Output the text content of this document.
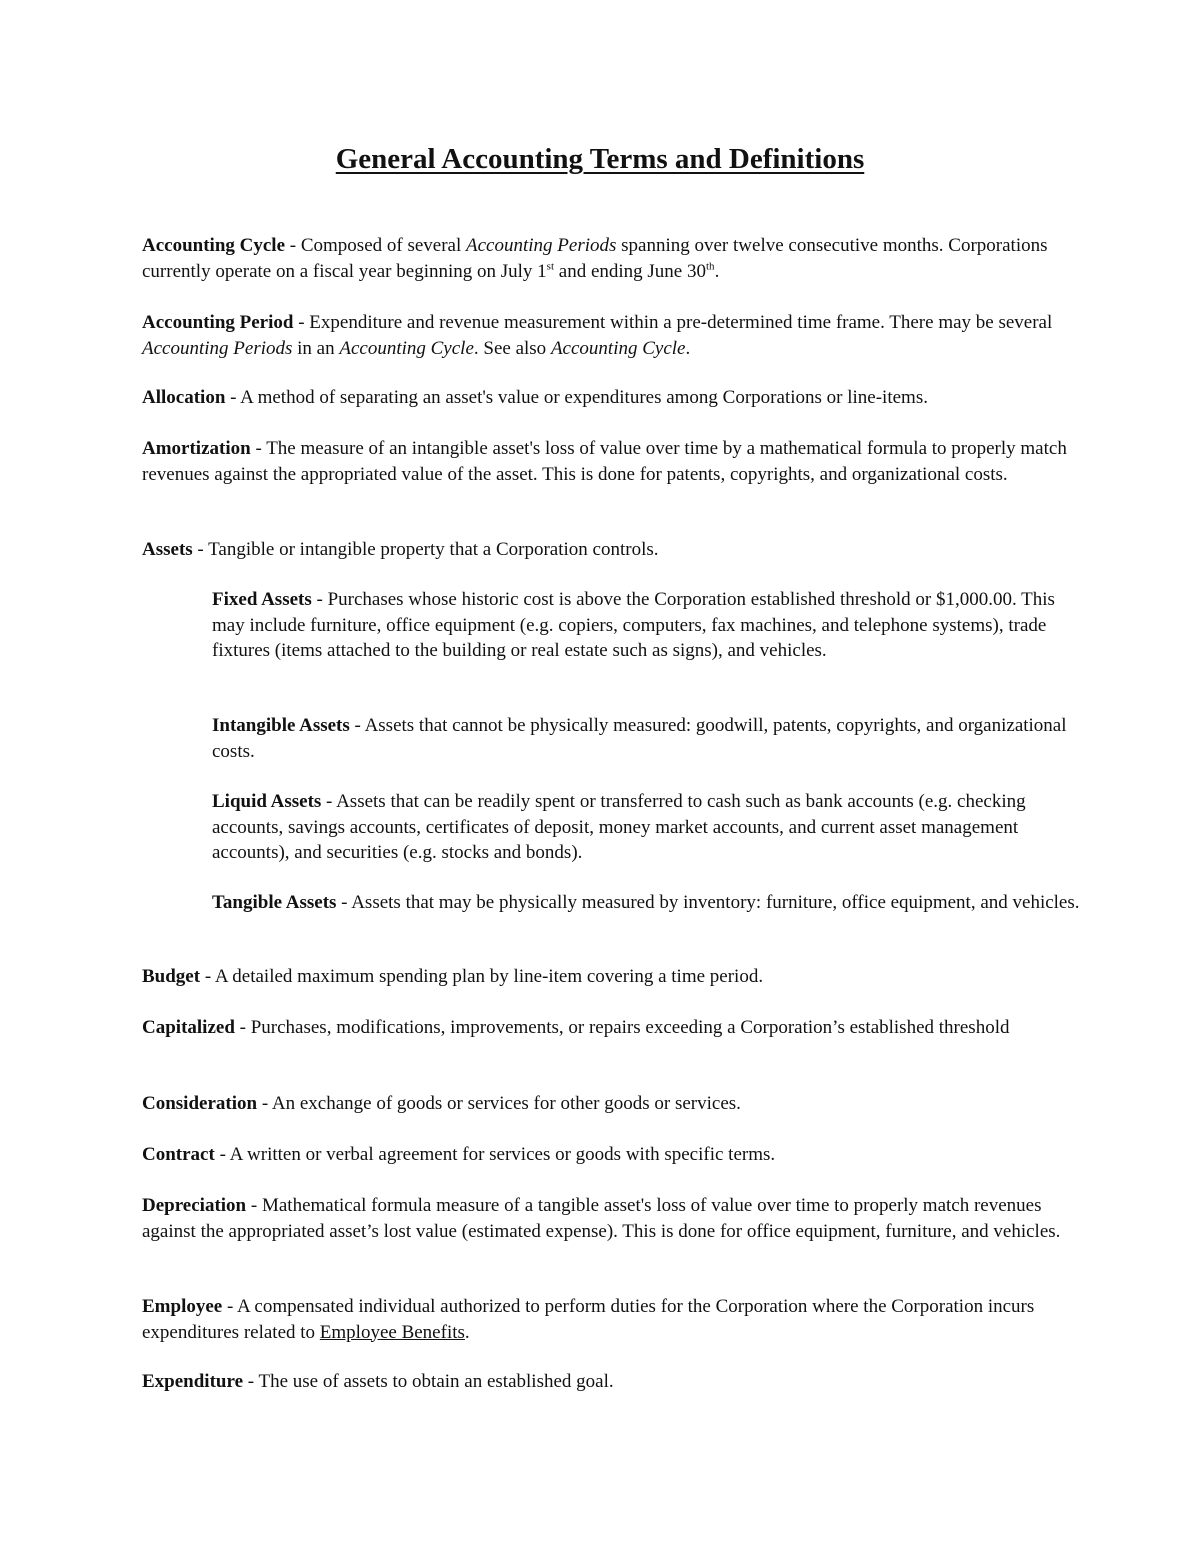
General Accounting Terms and Definitions

Accounting Cycle - Composed of several Accounting Periods spanning over twelve consecutive months. Corporations currently operate on a fiscal year beginning on July 1st and ending June 30th.

Accounting Period - Expenditure and revenue measurement within a pre-determined time frame. There may be several Accounting Periods in an Accounting Cycle. See also Accounting Cycle.

Allocation - A method of separating an asset's value or expenditures among Corporations or line-items.

Amortization - The measure of an intangible asset's loss of value over time by a mathematical formula to properly match revenues against the appropriated value of the asset. This is done for patents, copyrights, and organizational costs.

Assets - Tangible or intangible property that a Corporation controls.

Fixed Assets - Purchases whose historic cost is above the Corporation established threshold or $1,000.00. This may include furniture, office equipment (e.g. copiers, computers, fax machines, and telephone systems), trade fixtures (items attached to the building or real estate such as signs), and vehicles.

Intangible Assets - Assets that cannot be physically measured: goodwill, patents, copyrights, and organizational costs.

Liquid Assets - Assets that can be readily spent or transferred to cash such as bank accounts (e.g. checking accounts, savings accounts, certificates of deposit, money market accounts, and current asset management accounts), and securities (e.g. stocks and bonds).

Tangible Assets - Assets that may be physically measured by inventory: furniture, office equipment, and vehicles.

Budget - A detailed maximum spending plan by line-item covering a time period.

Capitalized - Purchases, modifications, improvements, or repairs exceeding a Corporation’s established threshold

Consideration - An exchange of goods or services for other goods or services.

Contract - A written or verbal agreement for services or goods with specific terms.

Depreciation - Mathematical formula measure of a tangible asset's loss of value over time to properly match revenues against the appropriated asset’s lost value (estimated expense). This is done for office equipment, furniture, and vehicles.

Employee - A compensated individual authorized to perform duties for the Corporation where the Corporation incurs expenditures related to Employee Benefits.

Expenditure - The use of assets to obtain an established goal.
